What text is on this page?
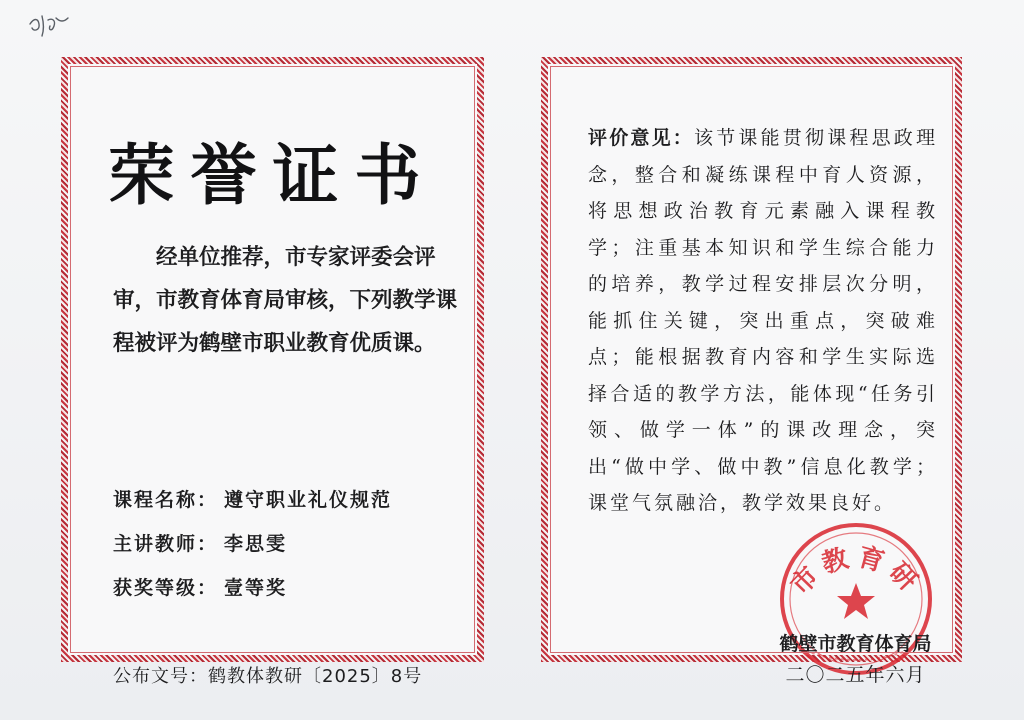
荣誉证书
经单位推荐，市专家评委会评审，市教育体育局审核，下列教学课程被评为鹤壁市职业教育优质课。
课程名称： 遵守职业礼仪规范
主讲教师： 李思雯
获奖等级： 壹等奖
公布文号：鹤教体教研〔2025〕8号
评价意见：该节课能贯彻课程思政理念，整合和凝练课程中育人资源，将思想政治教育元素融入课程教学；注重基本知识和学生综合能力的培养，教学过程安排层次分明，能抓住关键，突出重点，突破难点；能根据教育内容和学生实际选择合适的教学方法，能体现“任务引领、做学一体”的课改理念，突出“做中学、做中教”信息化教学；课堂气氛融洽，教学效果良好。
市教育研
鹤壁市教育体育局
二〇二五年六月
